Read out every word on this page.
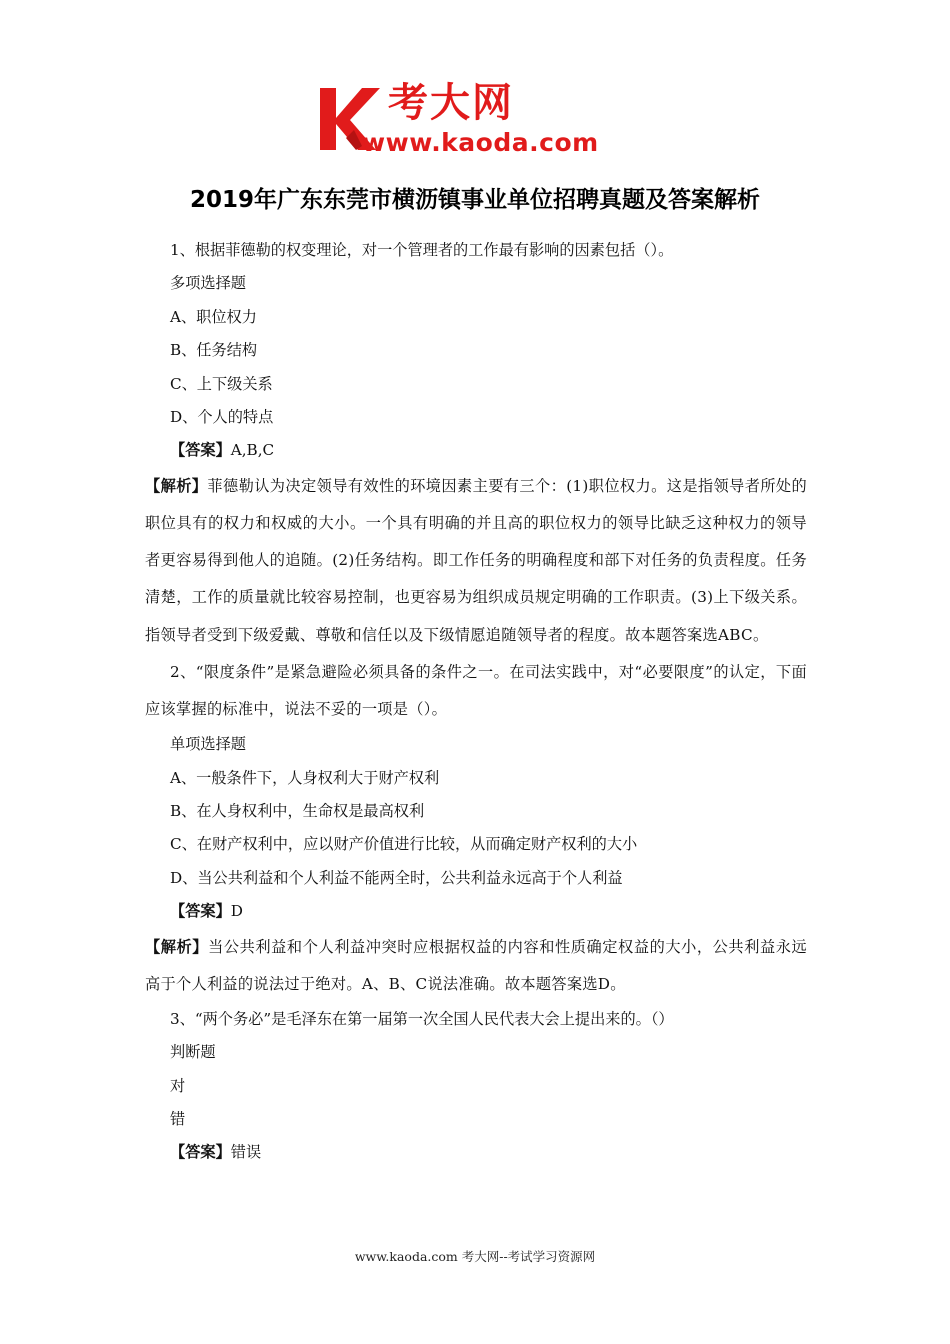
考大网
www.kaoda.com
2019年广东东莞市横沥镇事业单位招聘真题及答案解析
1、根据菲德勒的权变理论，对一个管理者的工作最有影响的因素包括（）。
多项选择题
A、职位权力
B、任务结构
C、上下级关系
D、个人的特点
【答案】A,B,C
【解析】菲德勒认为决定领导有效性的环境因素主要有三个：(1)职位权力。这是指领导者所处的职位具有的权力和权威的大小。一个具有明确的并且高的职位权力的领导比缺乏这种权力的领导者更容易得到他人的追随。(2)任务结构。即工作任务的明确程度和部下对任务的负责程度。任务清楚，工作的质量就比较容易控制，也更容易为组织成员规定明确的工作职责。(3)上下级关系。指领导者受到下级爱戴、尊敬和信任以及下级情愿追随领导者的程度。故本题答案选ABC。
2、“限度条件”是紧急避险必须具备的条件之一。在司法实践中，对“必要限度”的认定，下面应该掌握的标准中，说法不妥的一项是（）。
单项选择题
A、一般条件下，人身权利大于财产权利
B、在人身权利中，生命权是最高权利
C、在财产权利中，应以财产价值进行比较，从而确定财产权利的大小
D、当公共利益和个人利益不能两全时，公共利益永远高于个人利益
【答案】D
【解析】当公共利益和个人利益冲突时应根据权益的内容和性质确定权益的大小，公共利益永远高于个人利益的说法过于绝对。A、B、C说法准确。故本题答案选D。
3、“两个务必”是毛泽东在第一届第一次全国人民代表大会上提出来的。（）
判断题
对
错
【答案】错误
www.kaoda.com 考大网--考试学习资源网
